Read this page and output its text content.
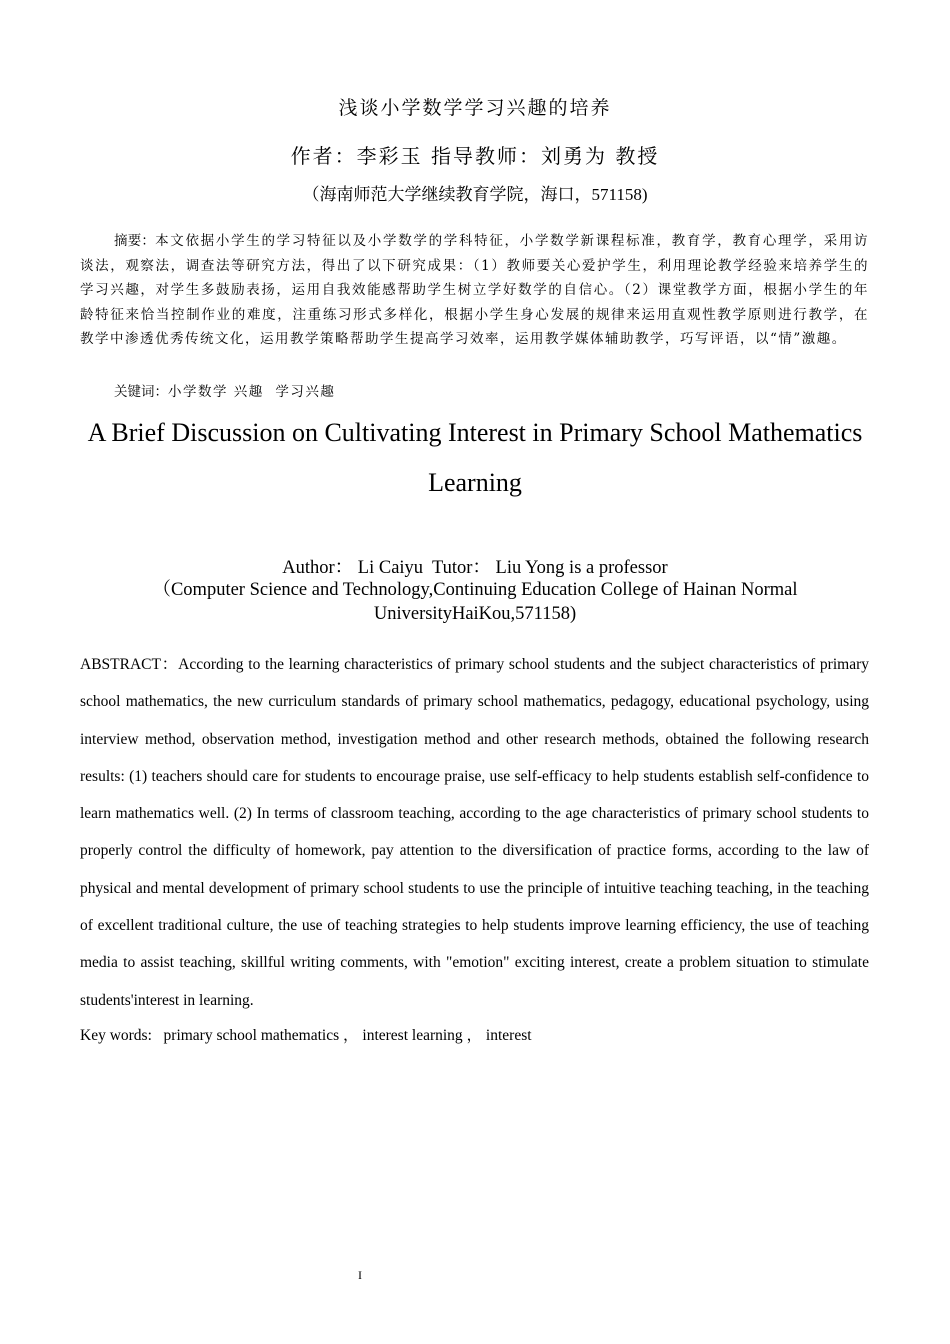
浅谈小学数学学习兴趣的培养
作者：李彩玉 指导教师：刘勇为 教授
（海南师范大学继续教育学院，海口，571158)
摘要：本文依据小学生的学习特征以及小学数学的学科特征，小学数学新课程标准，教育学，教育心理学，采用访谈法，观察法，调查法等研究方法，得出了以下研究成果：（1）教师要关心爱护学生，利用理论教学经验来培养学生的学习兴趣，对学生多鼓励表扬，运用自我效能感帮助学生树立学好数学的自信心。（2）课堂教学方面，根据小学生的年龄特征来恰当控制作业的难度，注重练习形式多样化，根据小学生身心发展的规律来运用直观性教学原则进行教学，在教学中渗透优秀传统文化，运用教学策略帮助学生提高学习效率，运用教学媒体辅助教学，巧写评语，以“情”激趣。
关键词：小学数学 兴趣  学习兴趣
A Brief Discussion on Cultivating Interest in Primary School Mathematics Learning
Author： Li Caiyu  Tutor： Liu Yong is a professor
（Computer Science and Technology,Continuing Education College of Hainan Normal UniversityHaiKou,571158)
ABSTRACT：According to the learning characteristics of primary school students and the subject characteristics of primary school mathematics, the new curriculum standards of primary school mathematics, pedagogy, educational psychology, using interview method, observation method, investigation method and other research methods, obtained the following research results: (1) teachers should care for students to encourage praise, use self-efficacy to help students establish self-confidence to learn mathematics well. (2) In terms of classroom teaching, according to the age characteristics of primary school students to properly control the difficulty of homework, pay attention to the diversification of practice forms, according to the law of physical and mental development of primary school students to use the principle of intuitive teaching teaching, in the teaching of excellent traditional culture, the use of teaching strategies to help students improve learning efficiency, the use of teaching media to assist teaching, skillful writing comments, with "emotion" exciting interest, create a problem situation to stimulate students'interest in learning.
Key words:   primary school mathematics ， interest learning ， interest
I
